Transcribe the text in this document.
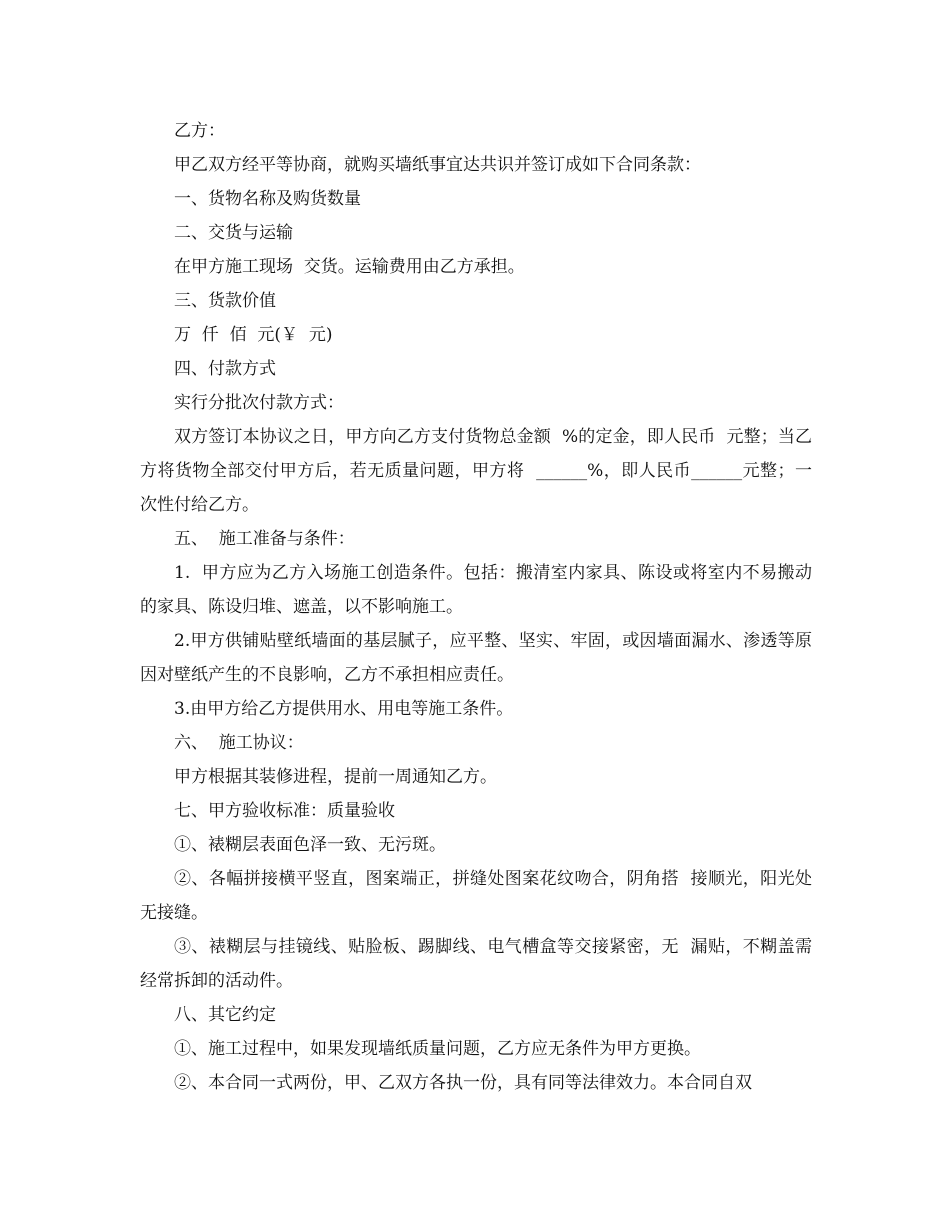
乙方：

甲乙双方经平等协商，就购买墙纸事宜达共识并签订成如下合同条款：

一、货物名称及购货数量

二、交货与运输

在甲方施工现场  交货。运输费用由乙方承担。

三、货款价值

万  仟  佰  元(￥  元)

四、付款方式

实行分批次付款方式：

双方签订本协议之日，甲方向乙方支付货物总金额  %的定金，即人民币  元整；当乙方将货物全部交付甲方后，若无质量问题，甲方将  ______%，即人民币______元整；一次性付给乙方。

五、  施工准备与条件：

1.  甲方应为乙方入场施工创造条件。包括：搬清室内家具、陈设或将室内不易搬动的家具、陈设归堆、遮盖，以不影响施工。

2.甲方供铺贴壁纸墙面的基层腻子，应平整、坚实、牢固，或因墙面漏水、渗透等原因对壁纸产生的不良影响，乙方不承担相应责任。

3.由甲方给乙方提供用水、用电等施工条件。

六、  施工协议：

甲方根据其装修进程，提前一周通知乙方。

七、甲方验收标准：质量验收

①、裱糊层表面色泽一致、无污斑。

②、各幅拼接横平竖直，图案端正，拼缝处图案花纹吻合，阴角搭  接顺光，阳光处无接缝。

③、裱糊层与挂镜线、贴脸板、踢脚线、电气槽盒等交接紧密，无  漏贴，不糊盖需经常拆卸的活动件。

八、其它约定

①、施工过程中，如果发现墙纸质量问题，乙方应无条件为甲方更换。

②、本合同一式两份，甲、乙双方各执一份，具有同等法律效力。本合同自双
